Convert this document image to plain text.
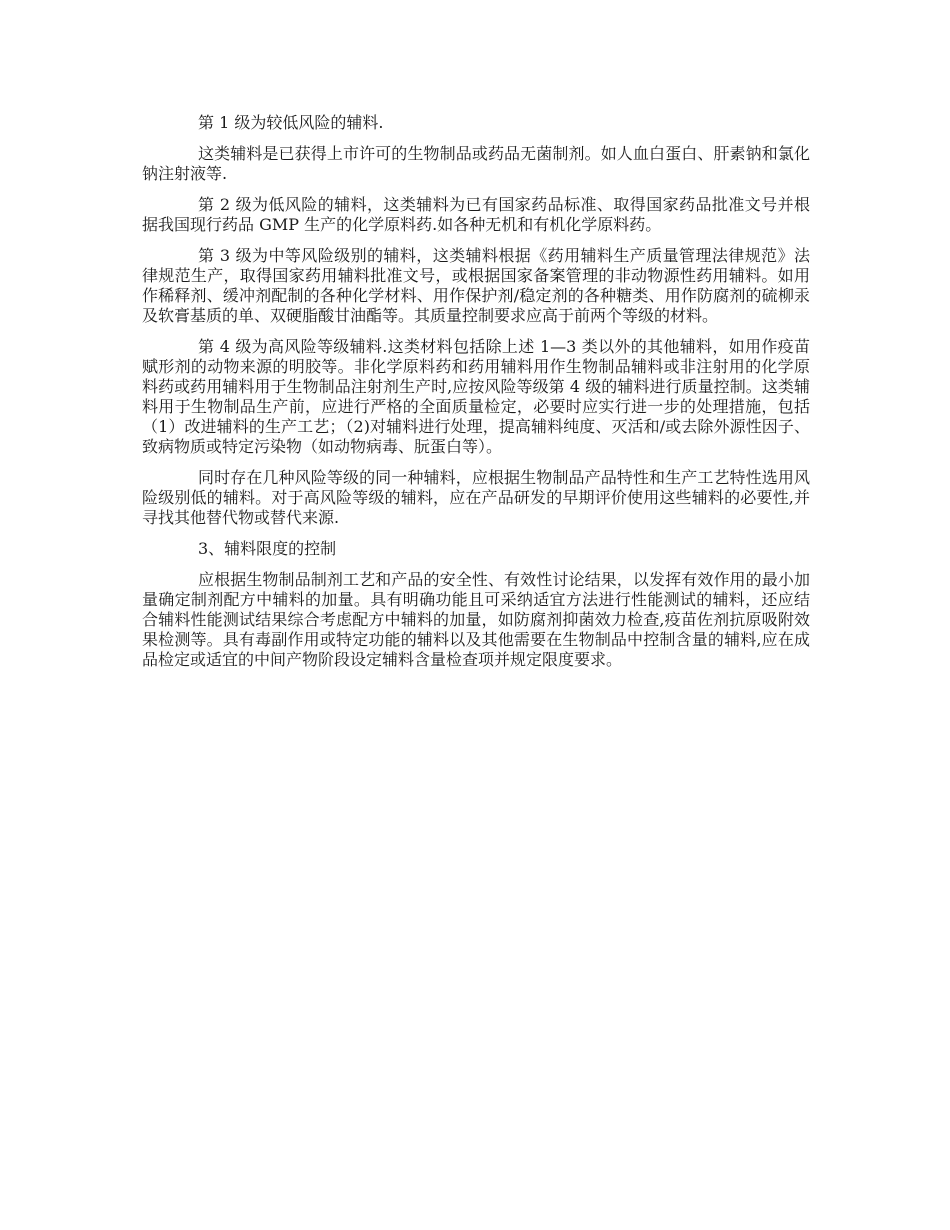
第 1 级为较低风险的辅料.

这类辅料是已获得上市许可的生物制品或药品无菌制剂。如人血白蛋白、肝素钠和氯化钠注射液等.

第 2 级为低风险的辅料，这类辅料为已有国家药品标准、取得国家药品批准文号并根据我国现行药品 GMP 生产的化学原料药.如各种无机和有机化学原料药。

第 3 级为中等风险级别的辅料，这类辅料根据《药用辅料生产质量管理法律规范》法律规范生产，取得国家药用辅料批准文号，或根据国家备案管理的非动物源性药用辅料。如用作稀释剂、缓冲剂配制的各种化学材料、用作保护剂/稳定剂的各种糖类、用作防腐剂的硫柳汞及软膏基质的单、双硬脂酸甘油酯等。其质量控制要求应高于前两个等级的材料。

第 4 级为高风险等级辅料.这类材料包括除上述 1—3 类以外的其他辅料，如用作疫苗赋形剂的动物来源的明胶等。非化学原料药和药用辅料用作生物制品辅料或非注射用的化学原料药或药用辅料用于生物制品注射剂生产时,应按风险等级第 4 级的辅料进行质量控制。这类辅料用于生物制品生产前，应进行严格的全面质量检定，必要时应实行进一步的处理措施，包括（1）改进辅料的生产工艺；（2)对辅料进行处理，提高辅料纯度、灭活和/或去除外源性因子、致病物质或特定污染物（如动物病毒、朊蛋白等）。

同时存在几种风险等级的同一种辅料，应根据生物制品产品特性和生产工艺特性选用风险级别低的辅料。对于高风险等级的辅料，应在产品研发的早期评价使用这些辅料的必要性,并寻找其他替代物或替代来源.

3、辅料限度的控制

应根据生物制品制剂工艺和产品的安全性、有效性讨论结果，以发挥有效作用的最小加量确定制剂配方中辅料的加量。具有明确功能且可采纳适宜方法进行性能测试的辅料，还应结合辅料性能测试结果综合考虑配方中辅料的加量，如防腐剂抑菌效力检查,疫苗佐剂抗原吸附效果检测等。具有毒副作用或特定功能的辅料以及其他需要在生物制品中控制含量的辅料,应在成品检定或适宜的中间产物阶段设定辅料含量检查项并规定限度要求。
